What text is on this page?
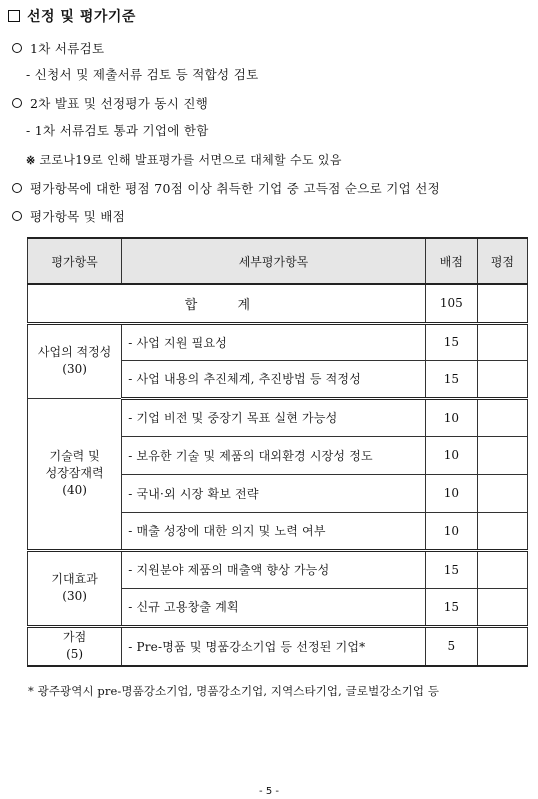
선정 및 평가기준
1차 서류검토
- 신청서 및 제출서류 검토 등 적합성 검토
2차 발표 및 선정평가 동시 진행
- 1차 서류검토 통과 기업에 한함
※ 코로나19로 인해 발표평가를 서면으로 대체할 수도 있음
평가항목에 대한 평점 70점 이상 취득한 기업 중 고득점 순으로 기업 선정
평가항목 및 배점
평가항목	세부평가항목	배점	평점
합 계		105	

사업의 적정성
(30)	- 사업 지원 필요성	15	
	- 사업 내용의 추진체계, 추진방법 등 적정성	15	

기술력 및
성장잠재력
(40)	- 기업 비전 및 중장기 목표 실현 가능성	10	
	- 보유한 기술 및 제품의 대외환경 시장성 정도	10	
	- 국내·외 시장 확보 전략	10	
	- 매출 성장에 대한 의지 및 노력 여부	10	

기대효과
(30)	- 지원분야 제품의 매출액 향상 가능성	15	
	- 신규 고용창출 계획	15	

가점
(5)	- Pre-명품 및 명품강소기업 등 선정된 기업*	5	
* 광주광역시 pre-명품강소기업, 명품강소기업, 지역스타기업, 글로벌강소기업 등
- 5 -
